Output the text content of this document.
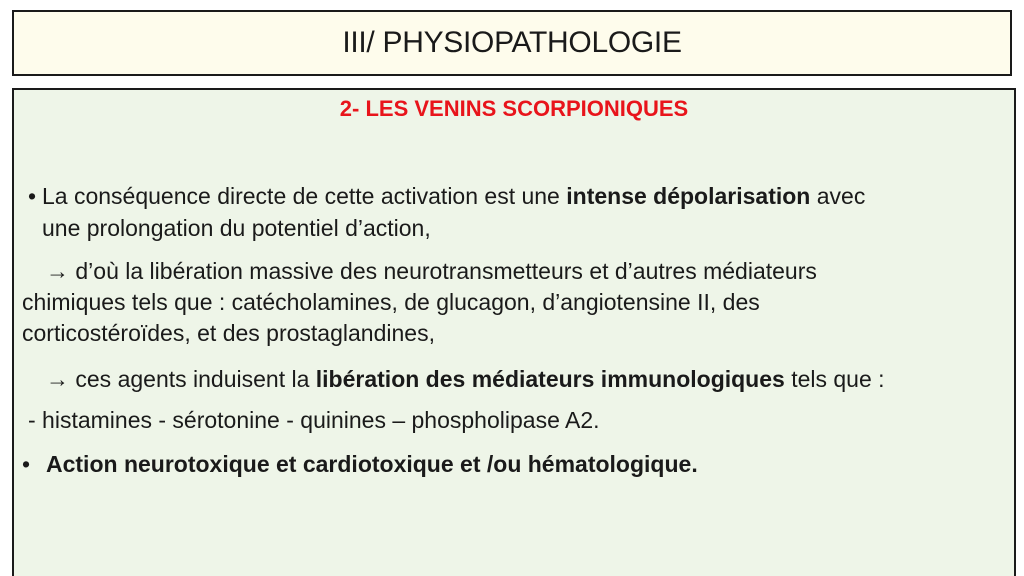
III/ PHYSIOPATHOLOGIE
2- LES VENINS SCORPIONIQUES
• La conséquence directe de cette activation est une intense dépolarisation avec
une prolongation du potentiel d’action,
→ d’où la libération massive des neurotransmetteurs et d’autres médiateurs
chimiques tels que : catécholamines, de glucagon, d’angiotensine II, des
corticostéroïdes, et des prostaglandines,
→ ces agents induisent la libération des médiateurs immunologiques tels que :
- histamines - sérotonine - quinines – phospholipase A2.
• Action neurotoxique et cardiotoxique et /ou hématologique.
